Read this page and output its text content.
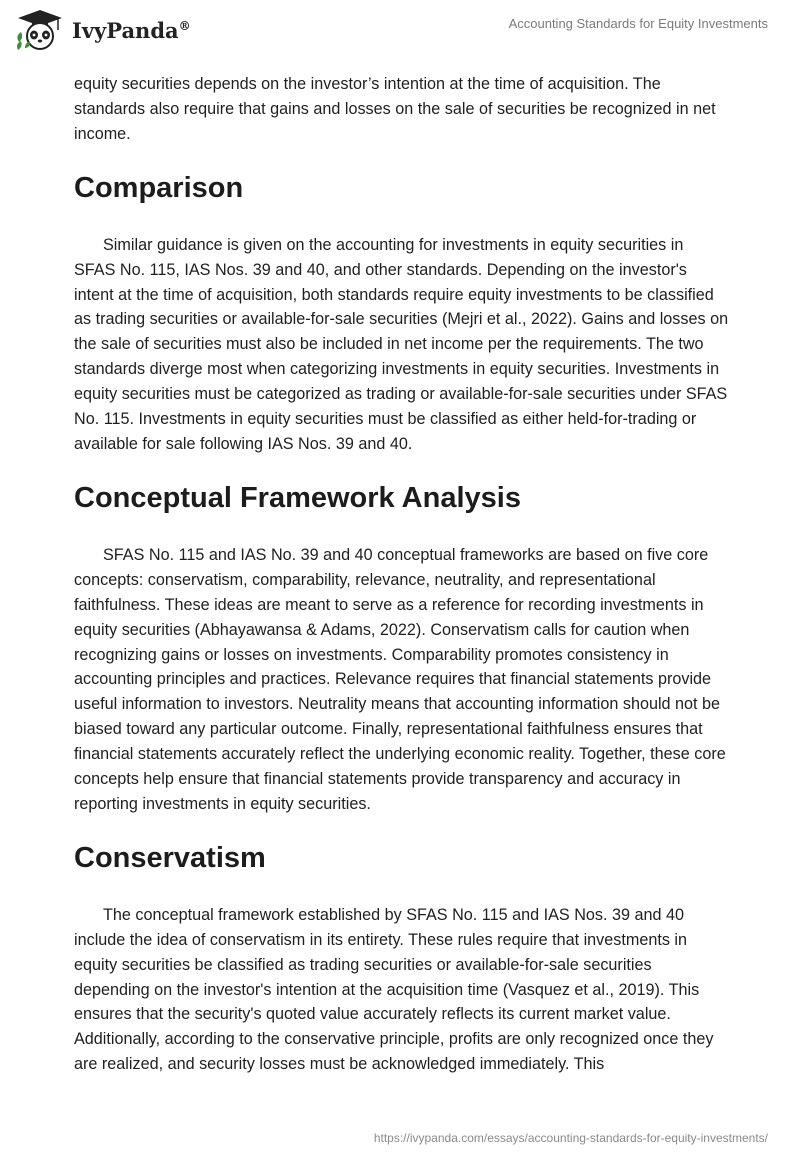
IvyPanda®	Accounting Standards for Equity Investments

equity securities depends on the investor’s intention at the time of acquisition. The standards also require that gains and losses on the sale of securities be recognized in net income.

Comparison

Similar guidance is given on the accounting for investments in equity securities in SFAS No. 115, IAS Nos. 39 and 40, and other standards. Depending on the investor's intent at the time of acquisition, both standards require equity investments to be classified as trading securities or available-for-sale securities (Mejri et al., 2022). Gains and losses on the sale of securities must also be included in net income per the requirements. The two standards diverge most when categorizing investments in equity securities. Investments in equity securities must be categorized as trading or available-for-sale securities under SFAS No. 115. Investments in equity securities must be classified as either held-for-trading or available for sale following IAS Nos. 39 and 40.

Conceptual Framework Analysis

SFAS No. 115 and IAS No. 39 and 40 conceptual frameworks are based on five core concepts: conservatism, comparability, relevance, neutrality, and representational faithfulness. These ideas are meant to serve as a reference for recording investments in equity securities (Abhayawansa & Adams, 2022). Conservatism calls for caution when recognizing gains or losses on investments. Comparability promotes consistency in accounting principles and practices. Relevance requires that financial statements provide useful information to investors. Neutrality means that accounting information should not be biased toward any particular outcome. Finally, representational faithfulness ensures that financial statements accurately reflect the underlying economic reality. Together, these core concepts help ensure that financial statements provide transparency and accuracy in reporting investments in equity securities.

Conservatism

The conceptual framework established by SFAS No. 115 and IAS Nos. 39 and 40 include the idea of conservatism in its entirety. These rules require that investments in equity securities be classified as trading securities or available-for-sale securities depending on the investor's intention at the acquisition time (Vasquez et al., 2019). This ensures that the security's quoted value accurately reflects its current market value. Additionally, according to the conservative principle, profits are only recognized once they are realized, and security losses must be acknowledged immediately. This

https://ivypanda.com/essays/accounting-standards-for-equity-investments/
